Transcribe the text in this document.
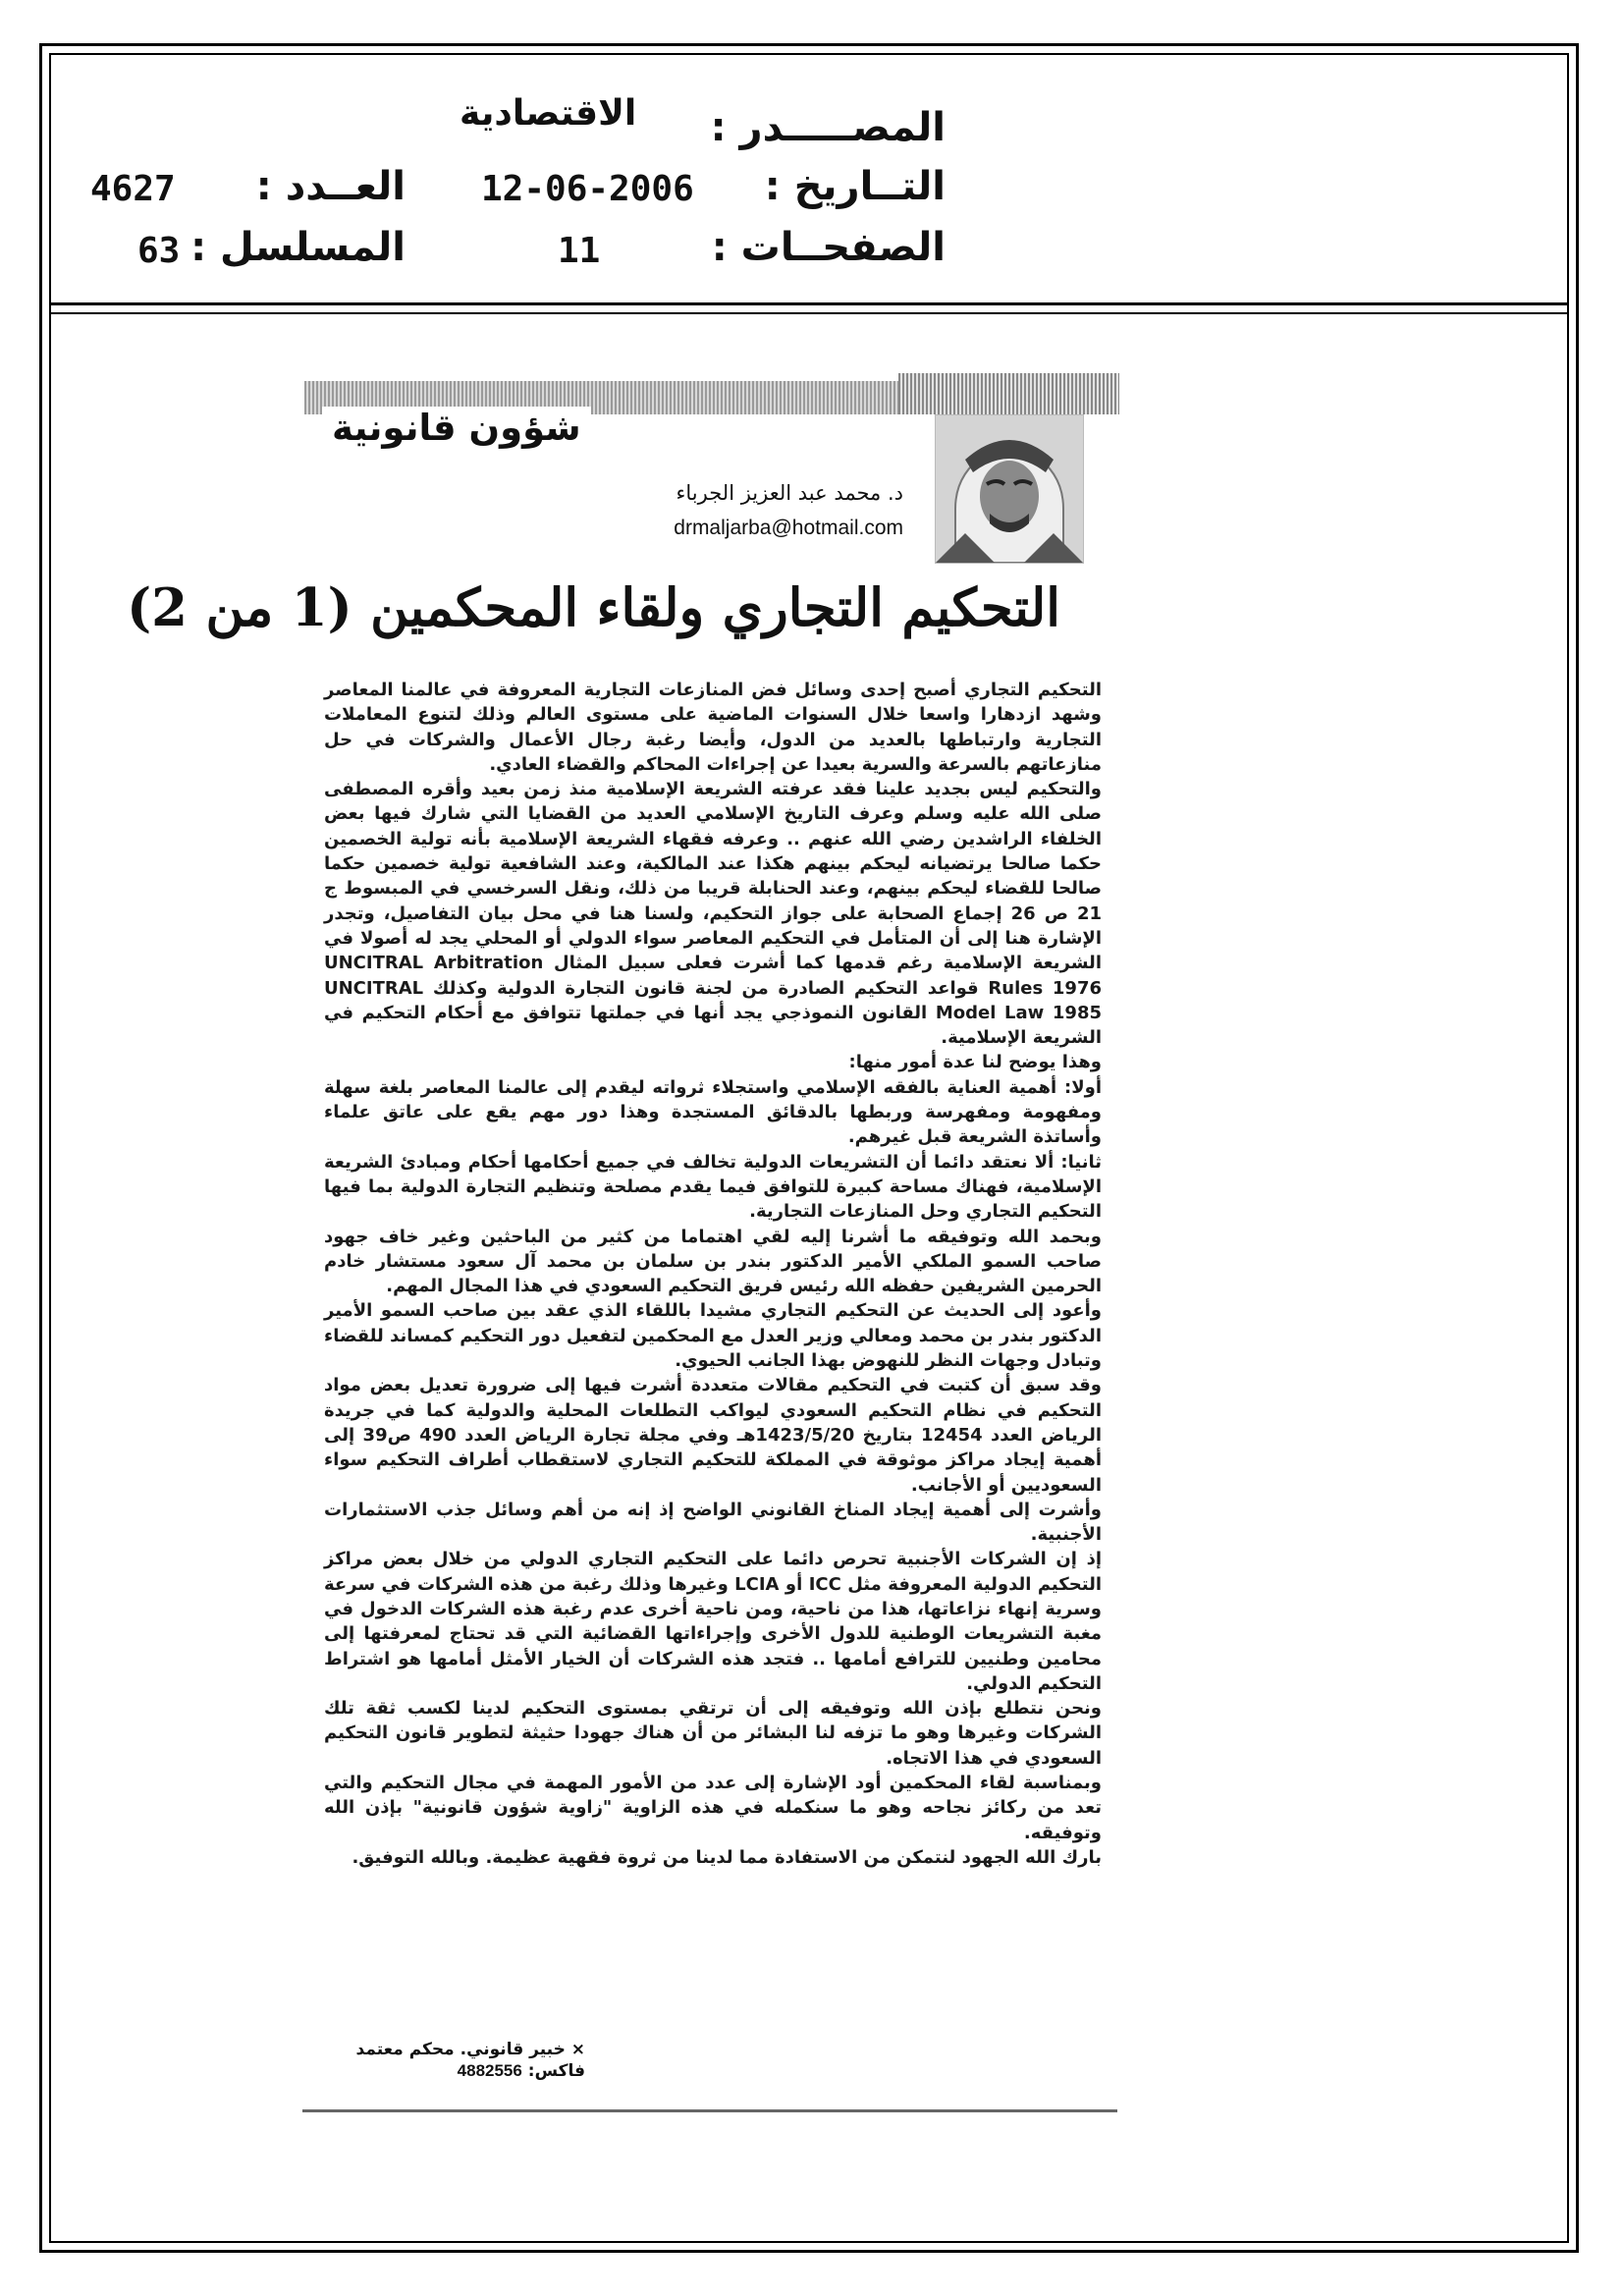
المصـــــدر :
الاقتصادية
التــاريخ :
12-06-2006
الصفحــات :
11
العــدد :
4627
المسلسل :
63
شؤون قانونية
د. محمد عبد العزيز الجرباء
drmaljarba@hotmail.com
التحكيم التجاري ولقاء المحكمين (1 من 2)

التحكيم التجاري أصبح إحدى وسائل فض المنازعات التجارية المعروفة في عالمنا المعاصر وشهد ازدهارا واسعا خلال السنوات الماضية على مستوى العالم وذلك لتنوع المعاملات التجارية وارتباطها بالعديد من الدول، وأيضا رغبة رجال الأعمال والشركات في حل منازعاتهم بالسرعة والسرية بعيدا عن إجراءات المحاكم والقضاء العادي.

والتحكيم ليس بجديد علينا فقد عرفته الشريعة الإسلامية منذ زمن بعيد وأقره المصطفى صلى الله عليه وسلم وعرف التاريخ الإسلامي العديد من القضايا التي شارك فيها بعض الخلفاء الراشدين رضي الله عنهم .. وعرفه فقهاء الشريعة الإسلامية بأنه تولية الخصمين حكما صالحا يرتضيانه ليحكم بينهم هكذا عند المالكية، وعند الشافعية تولية خصمين حكما صالحا للقضاء ليحكم بينهم، وعند الحنابلة قريبا من ذلك، ونقل السرخسي في المبسوط ج 21 ص 26 إجماع الصحابة على جواز التحكيم، ولسنا هنا في محل بيان التفاصيل، وتجدر الإشارة هنا إلى أن المتأمل في التحكيم المعاصر سواء الدولي أو المحلي يجد له أصولا في الشريعة الإسلامية رغم قدمها كما أشرت فعلى سبيل المثال UNCITRAL Arbitration Rules 1976 قواعد التحكيم الصادرة من لجنة قانون التجارة الدولية وكذلك UNCITRAL Model Law 1985 القانون النموذجي يجد أنها في جملتها تتوافق مع أحكام التحكيم في الشريعة الإسلامية.

وهذا يوضح لنا عدة أمور منها:

أولا: أهمية العناية بالفقه الإسلامي واستجلاء ثرواته ليقدم إلى عالمنا المعاصر بلغة سهلة ومفهومة ومفهرسة وربطها بالدقائق المستجدة وهذا دور مهم يقع على عاتق علماء وأساتذة الشريعة قبل غيرهم.

ثانيا: ألا نعتقد دائما أن التشريعات الدولية تخالف في جميع أحكامها أحكام ومبادئ الشريعة الإسلامية، فهناك مساحة كبيرة للتوافق فيما يقدم مصلحة وتنظيم التجارة الدولية بما فيها التحكيم التجاري وحل المنازعات التجارية.

وبحمد الله وتوفيقه ما أشرنا إليه لقي اهتماما من كثير من الباحثين وغير خاف جهود صاحب السمو الملكي الأمير الدكتور بندر بن سلمان بن محمد آل سعود مستشار خادم الحرمين الشريفين حفظه الله رئيس فريق التحكيم السعودي في هذا المجال المهم.

وأعود إلى الحديث عن التحكيم التجاري مشيدا باللقاء الذي عقد بين صاحب السمو الأمير الدكتور بندر بن محمد ومعالي وزير العدل مع المحكمين لتفعيل دور التحكيم كمساند للقضاء وتبادل وجهات النظر للنهوض بهذا الجانب الحيوي.

وقد سبق أن كتبت في التحكيم مقالات متعددة أشرت فيها إلى ضرورة تعديل بعض مواد التحكيم في نظام التحكيم السعودي ليواكب التطلعات المحلية والدولية كما في جريدة الرياض العدد 12454 بتاريخ 1423/5/20هـ وفي مجلة تجارة الرياض العدد 490 ص39 إلى أهمية إيجاد مراكز موثوقة في المملكة للتحكيم التجاري لاستقطاب أطراف التحكيم سواء السعوديين أو الأجانب.

وأشرت إلى أهمية إيجاد المناخ القانوني الواضح إذ إنه من أهم وسائل جذب الاستثمارات الأجنبية.

إذ إن الشركات الأجنبية تحرص دائما على التحكيم التجاري الدولي من خلال بعض مراكز التحكيم الدولية المعروفة مثل ICC أو LCIA وغيرها وذلك رغبة من هذه الشركات في سرعة وسرية إنهاء نزاعاتها، هذا من ناحية، ومن ناحية أخرى عدم رغبة هذه الشركات الدخول في مغبة التشريعات الوطنية للدول الأخرى وإجراءاتها القضائية التي قد تحتاج لمعرفتها إلى محامين وطنيين للترافع أمامها .. فتجد هذه الشركات أن الخيار الأمثل أمامها هو اشتراط التحكيم الدولي.

ونحن نتطلع بإذن الله وتوفيقه إلى أن ترتقي بمستوى التحكيم لدينا لكسب ثقة تلك الشركات وغيرها وهو ما تزفه لنا البشائر من أن هناك جهودا حثيثة لتطوير قانون التحكيم السعودي في هذا الاتجاه.

وبمناسبة لقاء المحكمين أود الإشارة إلى عدد من الأمور المهمة في مجال التحكيم والتي تعد من ركائز نجاحه وهو ما سنكمله في هذه الزاوية "زاوية شؤون قانونية" بإذن الله وتوفيقه.

بارك الله الجهود لنتمكن من الاستفادة مما لدينا من ثروة فقهية عظيمة. وبالله التوفيق.

× خبير قانوني. محكم معتمد
فاكس: 4882556
